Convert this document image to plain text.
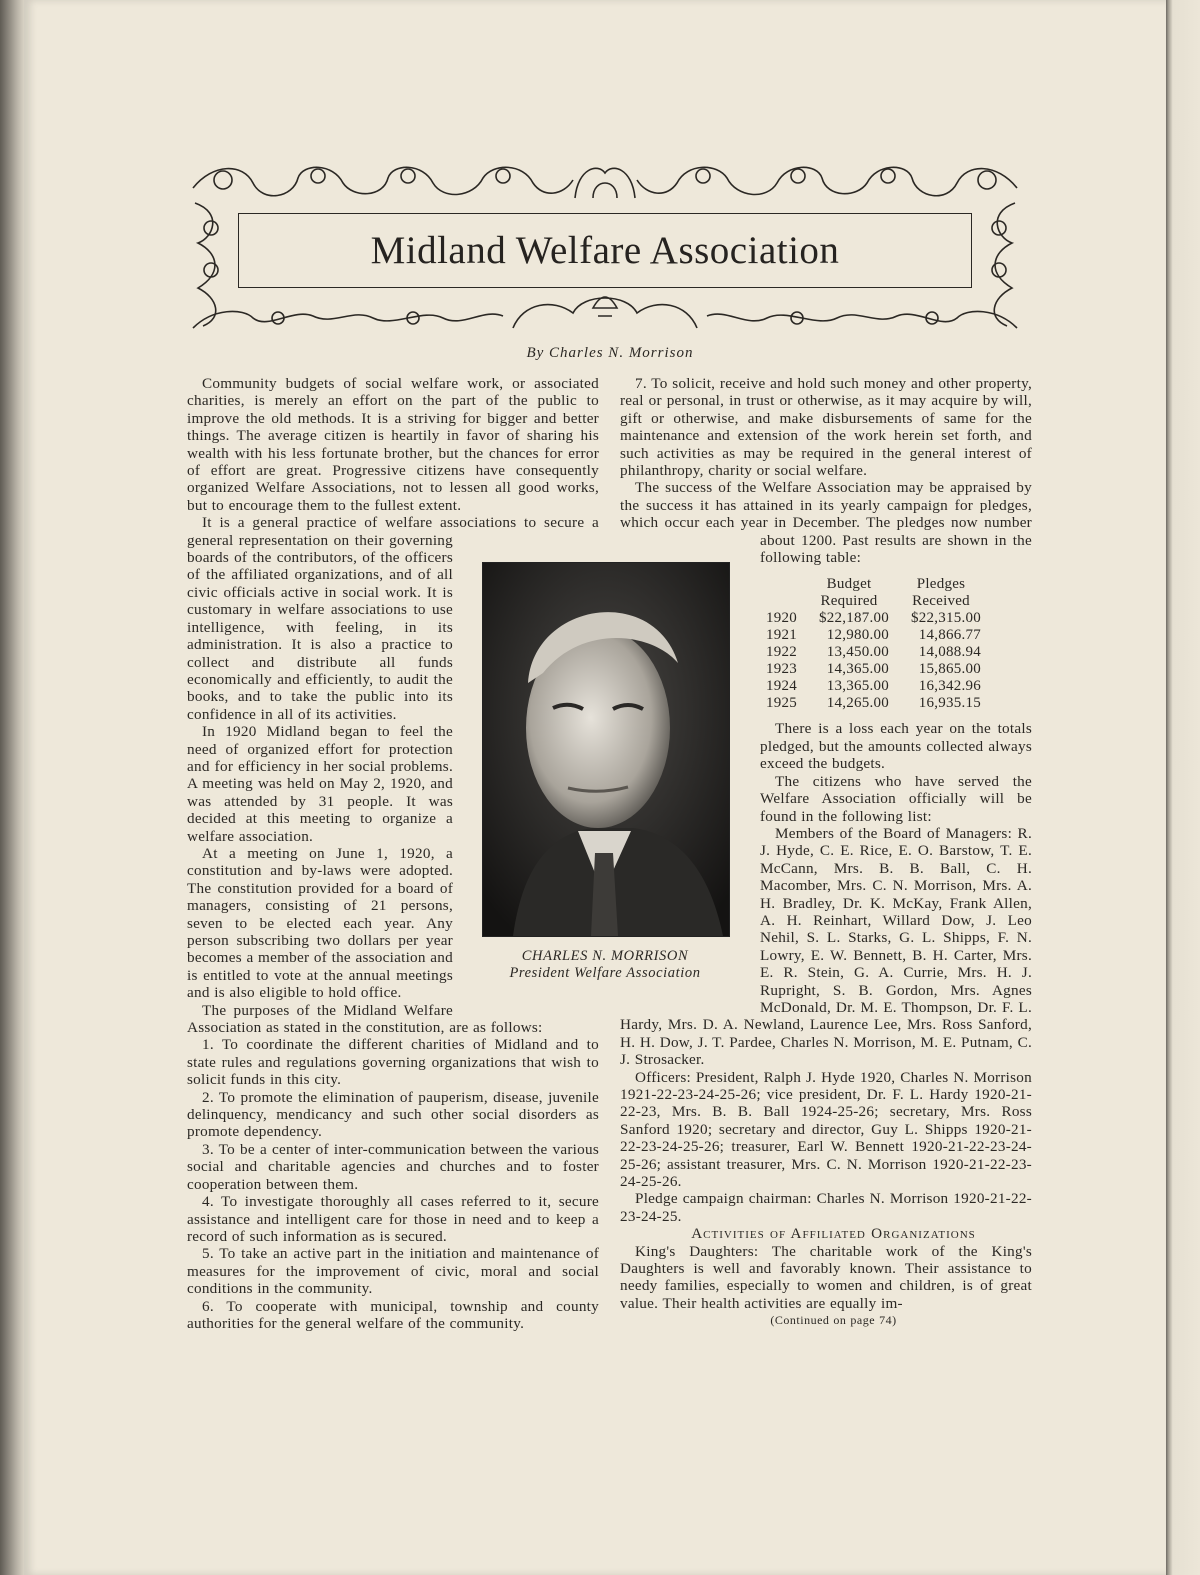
Midland Welfare Association
By Charles N. Morrison

Community budgets of social welfare work, or associated charities, is merely an effort on the part of the public to improve the old methods. It is a striving for bigger and better things. The average citizen is heartily in favor of sharing his wealth with his less fortunate brother, but the chances for error of effort are great. Progressive citizens have consequently organized Welfare Associations, not to lessen all good works, but to encourage them to the fullest extent.

It is a general practice of welfare associations to secure a general representation on their governing boards of the contributors, of the officers of the affiliated organizations, and of all civic officials active in social work. It is customary in welfare associations to use intelligence, with feeling, in its administration. It is also a practice to collect and distribute all funds economically and efficiently, to audit the books, and to take the public into its confidence in all of its activities.

In 1920 Midland began to feel the need of organized effort for protection and for efficiency in her social problems. A meeting was held on May 2, 1920, and was attended by 31 people. It was decided at this meeting to organize a welfare association.

At a meeting on June 1, 1920, a constitution and by-laws were adopted. The constitution provided for a board of managers, consisting of 21 persons, seven to be elected each year. Any person subscribing two dollars per year becomes a member of the association and is entitled to vote at the annual meetings and is also eligible to hold office.

The purposes of the Midland Welfare Association as stated in the constitution, are as follows:

1. To coordinate the different charities of Midland and to state rules and regulations governing organizations that wish to solicit funds in this city.

2. To promote the elimination of pauperism, disease, juvenile delinquency, mendicancy and such other social disorders as promote dependency.

3. To be a center of inter-communication between the various social and charitable agencies and churches and to foster cooperation between them.

4. To investigate thoroughly all cases referred to it, secure assistance and intelligent care for those in need and to keep a record of such information as is secured.

5. To take an active part in the initiation and maintenance of measures for the improvement of civic, moral and social conditions in the community.

6. To cooperate with municipal, township and county authorities for the general welfare of the community.

7. To solicit, receive and hold such money and other property, real or personal, in trust or otherwise, as it may acquire by will, gift or otherwise, and make disbursements of same for the maintenance and extension of the work herein set forth, and such activities as may be required in the general interest of philanthropy, charity or social welfare.

The success of the Welfare Association may be appraised by the success it has attained in its yearly campaign for pledges, which occur each year in December. The pledges now number about 1200. Past results are shown in the following table:

	Budget Required	Pledges Received
1920	$22,187.00	$22,315.00
1921	12,980.00	14,866.77
1922	13,450.00	14,088.94
1923	14,365.00	15,865.00
1924	13,365.00	16,342.96
1925	14,265.00	16,935.15

There is a loss each year on the totals pledged, but the amounts collected always exceed the budgets.

The citizens who have served the Welfare Association officially will be found in the following list:

Members of the Board of Managers: R. J. Hyde, C. E. Rice, E. O. Barstow, T. E. McCann, Mrs. B. B. Ball, C. H. Macomber, Mrs. C. N. Morrison, Mrs. A. H. Bradley, Dr. K. McKay, Frank Allen, A. H. Reinhart, Willard Dow, J. Leo Nehil, S. L. Starks, G. L. Shipps, F. N. Lowry, E. W. Bennett, B. H. Carter, Mrs. E. R. Stein, G. A. Currie, Mrs. H. J. Rupright, S. B. Gordon, Mrs. Agnes McDonald, Dr. M. E. Thompson, Dr. F. L. Hardy, Mrs. D. A. Newland, Laurence Lee, Mrs. Ross Sanford, H. H. Dow, J. T. Pardee, Charles N. Morrison, M. E. Putnam, C. J. Strosacker.

Officers: President, Ralph J. Hyde 1920, Charles N. Morrison 1921-22-23-24-25-26; vice president, Dr. F. L. Hardy 1920-21-22-23, Mrs. B. B. Ball 1924-25-26; secretary, Mrs. Ross Sanford 1920; secretary and director, Guy L. Shipps 1920-21-22-23-24-25-26; treasurer, Earl W. Bennett 1920-21-22-23-24-25-26; assistant treasurer, Mrs. C. N. Morrison 1920-21-22-23-24-25-26.

Pledge campaign chairman: Charles N. Morrison 1920-21-22-23-24-25.

Activities of Affiliated Organizations

King's Daughters: The charitable work of the King's Daughters is well and favorably known. Their assistance to needy families, especially to women and children, is of great value. Their health activities are equally im-

(Continued on page 74)

CHARLES N. MORRISON
President Welfare Association
